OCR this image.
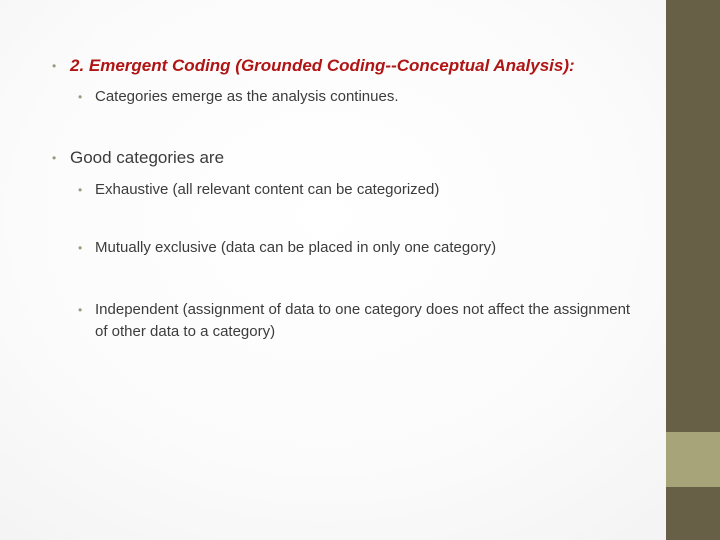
• 2. Emergent Coding (Grounded Coding--Conceptual Analysis):
• Categories emerge as the analysis continues.
• Good categories are
• Exhaustive (all relevant content can be categorized)
• Mutually exclusive (data can be placed in only one category)
• Independent (assignment of data to one category does not affect the assignment of other data to a category)
